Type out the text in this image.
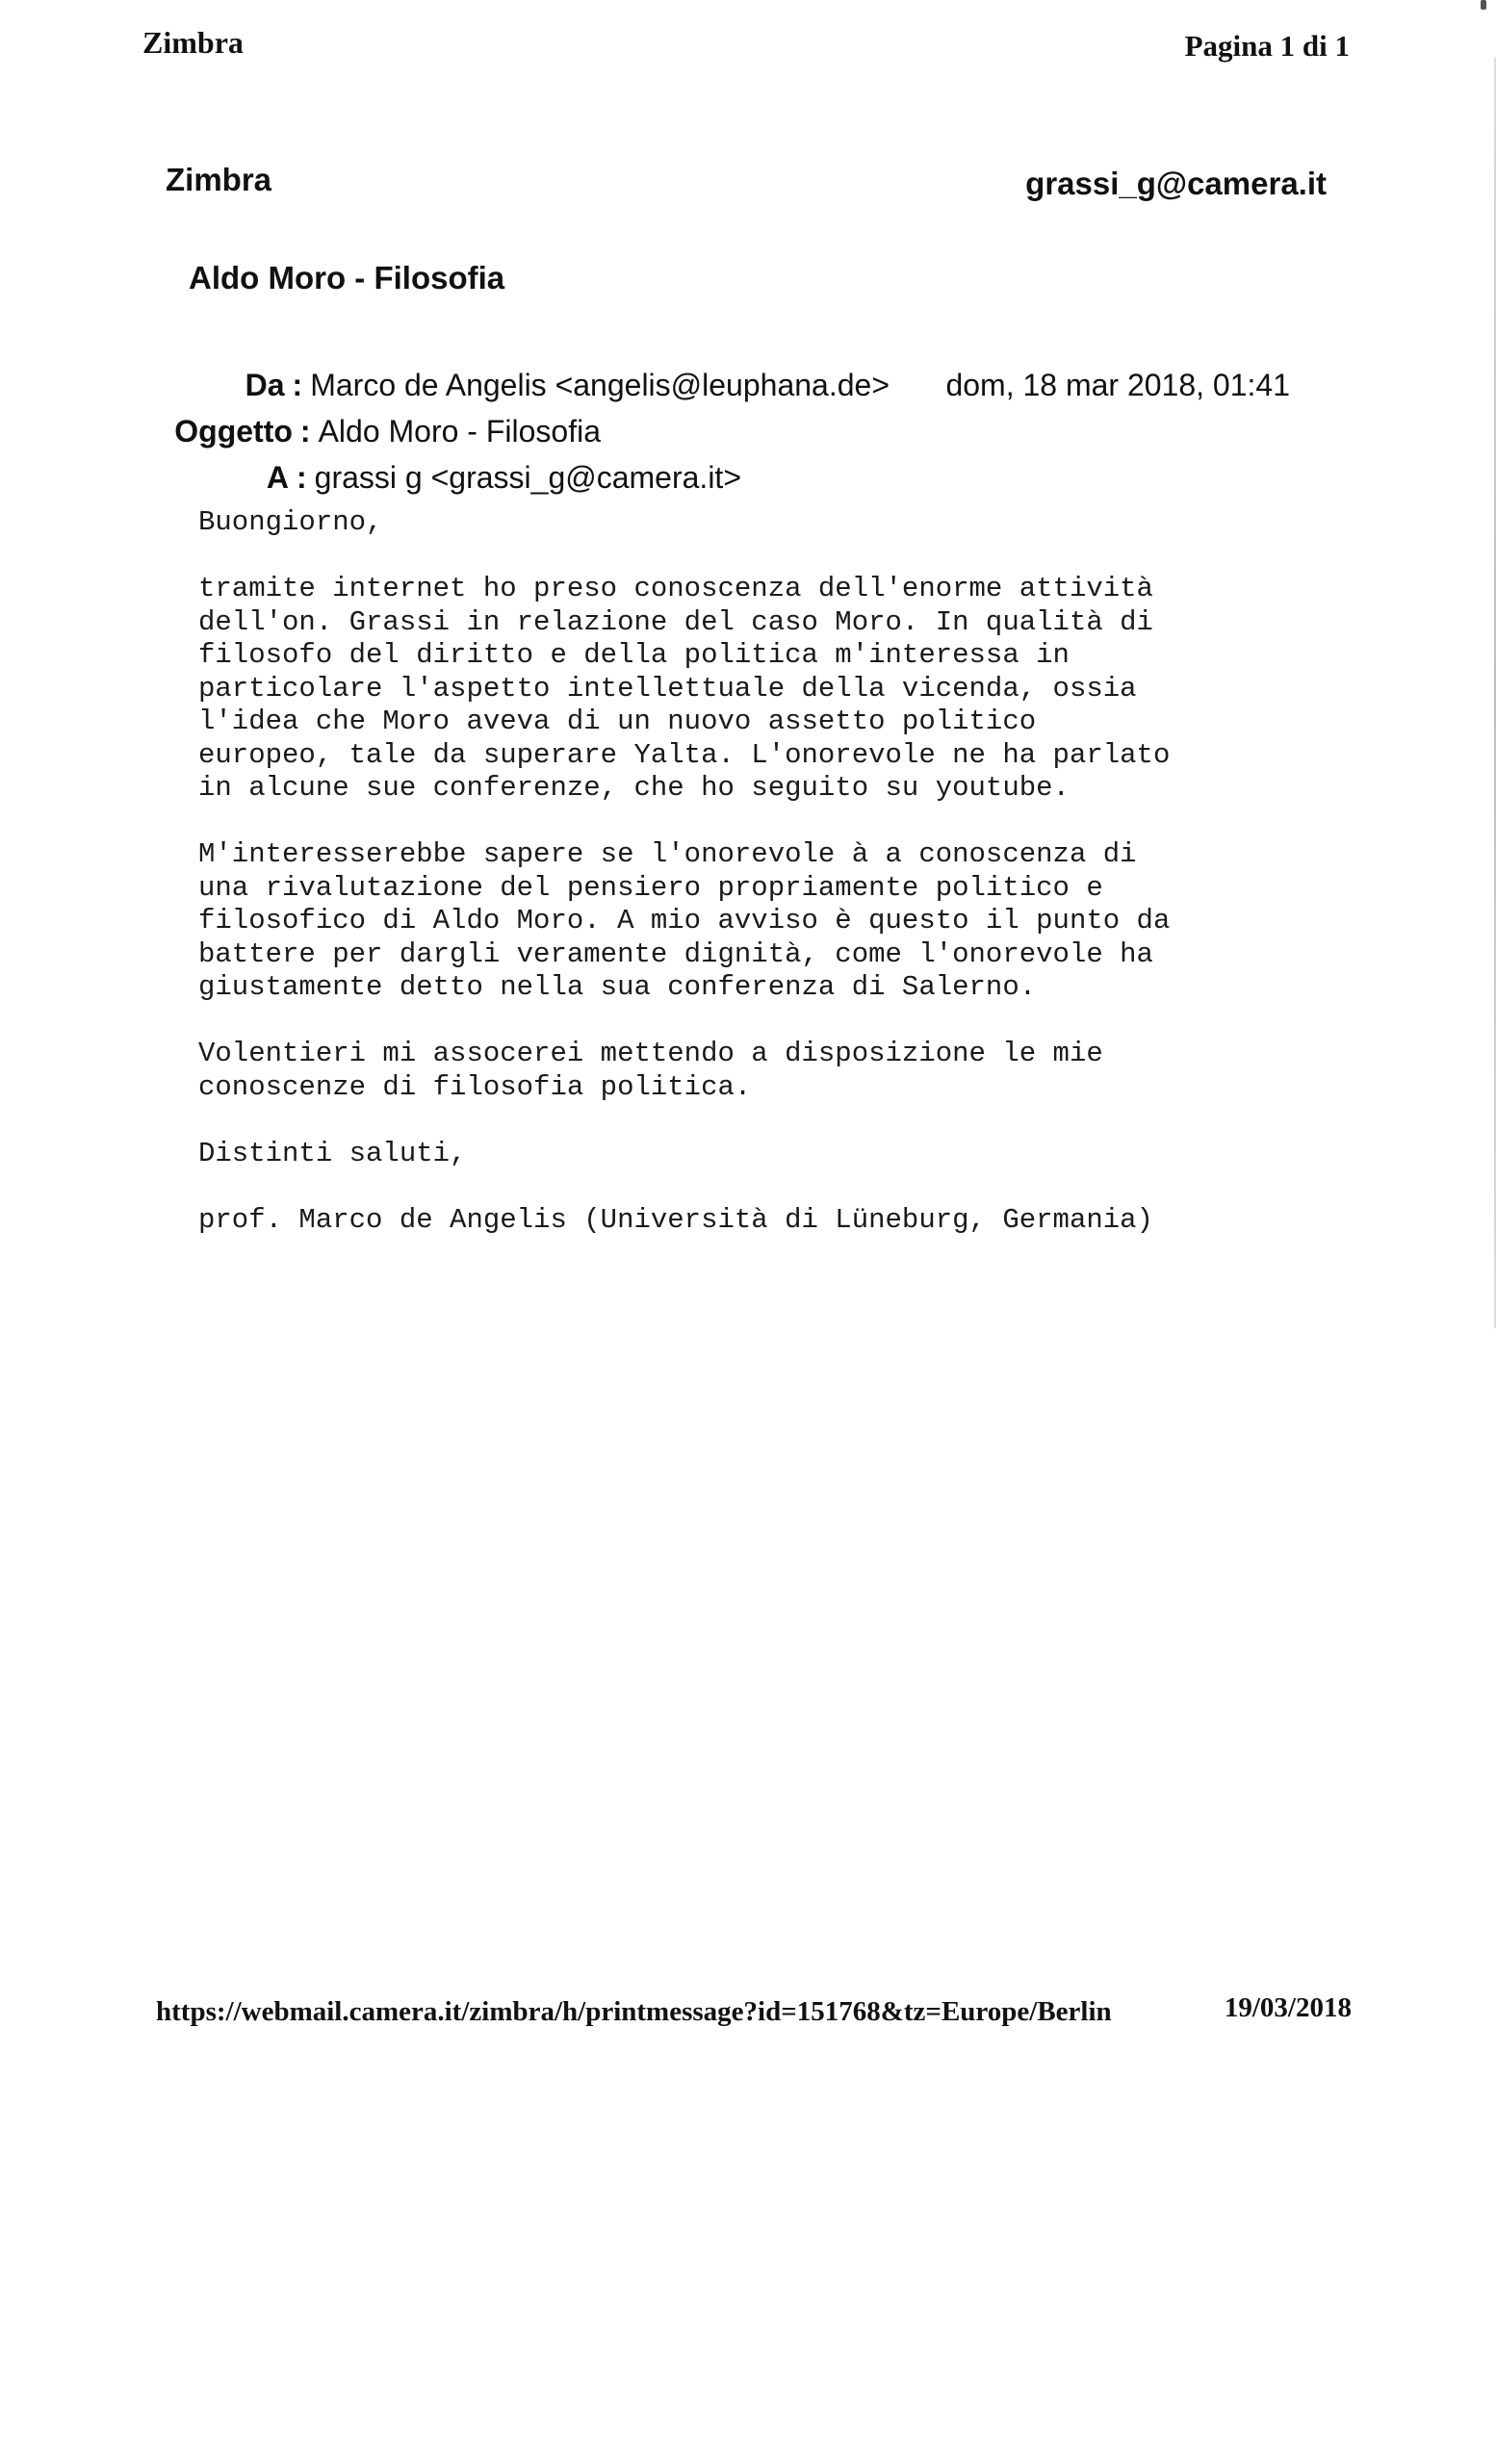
Zimbra	Pagina 1 di 1
Zimbra	grassi_g@camera.it
Aldo Moro - Filosofia
Da : Marco de Angelis <angelis@leuphana.de> dom, 18 mar 2018, 01:41
Oggetto : Aldo Moro - Filosofia
A : grassi g <grassi_g@camera.it>
Buongiorno,

tramite internet ho preso conoscenza dell'enorme attività
dell'on. Grassi in relazione del caso Moro. In qualità di
filosofo del diritto e della politica m'interessa in
particolare l'aspetto intellettuale della vicenda, ossia
l'idea che Moro aveva di un nuovo assetto politico
europeo, tale da superare Yalta. L'onorevole ne ha parlato
in alcune sue conferenze, che ho seguito su youtube.

M'interesserebbe sapere se l'onorevole à a conoscenza di
una rivalutazione del pensiero propriamente politico e
filosofico di Aldo Moro. A mio avviso è questo il punto da
battere per dargli veramente dignità, come l'onorevole ha
giustamente detto nella sua conferenza di Salerno.

Volentieri mi assocerei mettendo a disposizione le mie
conoscenze di filosofia politica.

Distinti saluti,

prof. Marco de Angelis (Università di Lüneburg, Germania)
https://webmail.camera.it/zimbra/h/printmessage?id=151768&tz=Europe/Berlin	19/03/2018
